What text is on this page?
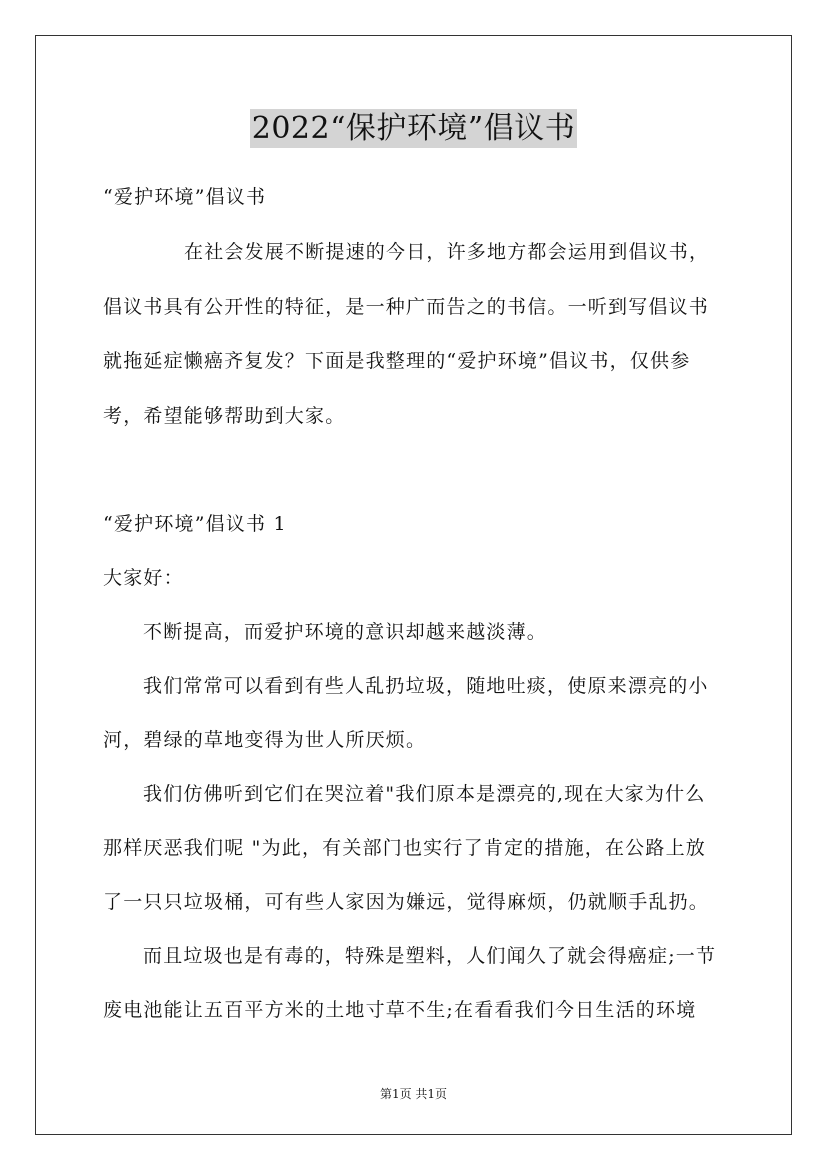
2022“保护环境”倡议书
“爱护环境”倡议书
在社会发展不断提速的今日，许多地方都会运用到倡议书，
倡议书具有公开性的特征，是一种广而告之的书信。一听到写倡议书
就拖延症懒癌齐复发？下面是我整理的“爱护环境”倡议书，仅供参
考，希望能够帮助到大家。
“爱护环境”倡议书 1
大家好：
不断提高，而爱护环境的意识却越来越淡薄。
我们常常可以看到有些人乱扔垃圾，随地吐痰，使原来漂亮的小
河，碧绿的草地变得为世人所厌烦。
我们仿佛听到它们在哭泣着"我们原本是漂亮的,现在大家为什么
那样厌恶我们呢 "为此，有关部门也实行了肯定的措施，在公路上放
了一只只垃圾桶，可有些人家因为嫌远，觉得麻烦，仍就顺手乱扔。
而且垃圾也是有毒的，特殊是塑料，人们闻久了就会得癌症;一节
废电池能让五百平方米的土地寸草不生;在看看我们今日生活的环境
第1页 共1页
